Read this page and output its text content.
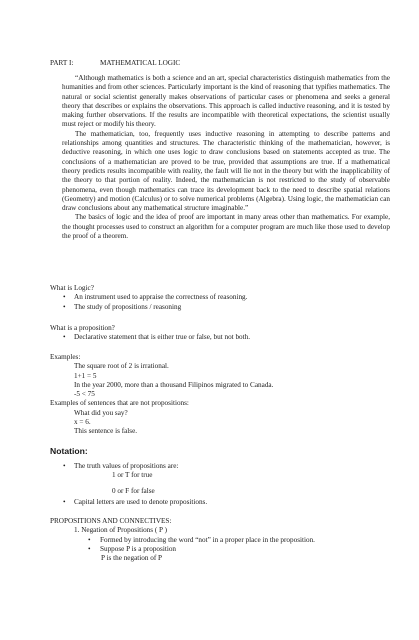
PART I:	MATHEMATICAL LOGIC

“Although mathematics is both a science and an art, special characteristics distinguish mathematics from the humanities and from other sciences. Particularly important is the kind of reasoning that typifies mathematics. The natural or social scientist generally makes observations of particular cases or phenomena and seeks a general theory that describes or explains the observations. This approach is called inductive reasoning, and it is tested by making further observations. If the results are incompatible with theoretical expectations, the scientist usually must reject or modify his theory.

The mathematician, too, frequently uses inductive reasoning in attempting to describe patterns and relationships among quantities and structures. The characteristic thinking of the mathematician, however, is deductive reasoning, in which one uses logic to draw conclusions based on statements accepted as true. The conclusions of a mathematician are proved to be true, provided that assumptions are true. If a mathematical theory predicts results incompatible with reality, the fault will lie not in the theory but with the inapplicability of the theory to that portion of reality. Indeed, the mathematician is not restricted to the study of observable phenomena, even though mathematics can trace its development back to the need to describe spatial relations (Geometry) and motion (Calculus) or to solve numerical problems (Algebra). Using logic, the mathematician can draw conclusions about any mathematical structure imaginable.”

The basics of logic and the idea of proof are important in many areas other than mathematics. For example, the thought processes used to construct an algorithm for a computer program are much like those used to develop the proof of a theorem.

What is Logic?
• An instrument used to appraise the correctness of reasoning.
• The study of propositions / reasoning
What is a proposition?
• Declarative statement that is either true or false, but not both.
Examples:
The square root of 2 is irrational.
1+1 = 5
In the year 2000, more than a thousand Filipinos migrated to Canada.
-5 < 75
Examples of sentences that are not propositions:
What did you say?
x = 6.
This sentence is false.
Notation:
• The truth values of propositions are:
1 or T for true
0 or F for false
• Capital letters are used to denote propositions.
PROPOSITIONS AND CONNECTIVES:
1. Negation of Propositions ( P )
• Formed by introducing the word “not” in a proper place in the proposition.
• Suppose P is a proposition
P is the negation of P
